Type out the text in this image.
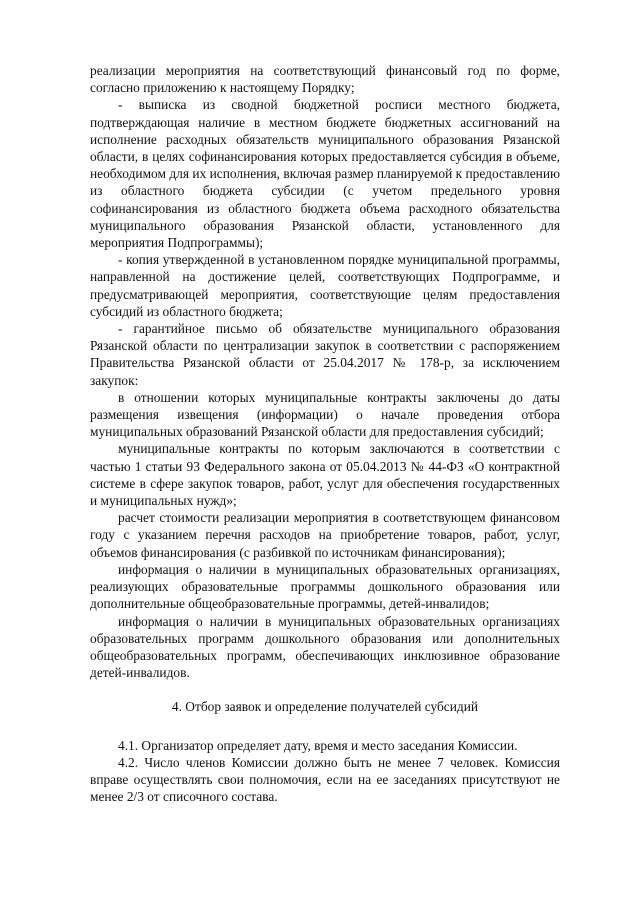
реализации мероприятия на соответствующий финансовый год по форме, согласно приложению к настоящему Порядку;

- выписка из сводной бюджетной росписи местного бюджета, подтверждающая наличие в местном бюджете бюджетных ассигнований на исполнение расходных обязательств муниципального образования Рязанской области, в целях софинансирования которых предоставляется субсидия в объеме, необходимом для их исполнения, включая размер планируемой к предоставлению из областного бюджета субсидии (с учетом предельного уровня софинансирования из областного бюджета объема расходного обязательства муниципального образования Рязанской области, установленного для мероприятия Подпрограммы);

- копия утвержденной в установленном порядке муниципальной программы, направленной на достижение целей, соответствующих Подпрограмме, и предусматривающей мероприятия, соответствующие целям предоставления субсидий из областного бюджета;

- гарантийное письмо об обязательстве муниципального образования Рязанской области по централизации закупок в соответствии с распоряжением Правительства Рязанской области от 25.04.2017 № 178-р, за исключением закупок:

в отношении которых муниципальные контракты заключены до даты размещения извещения (информации) о начале проведения отбора муниципальных образований Рязанской области для предоставления субсидий;

муниципальные контракты по которым заключаются в соответствии с частью 1 статьи 93 Федерального закона от 05.04.2013 № 44-ФЗ «О контрактной системе в сфере закупок товаров, работ, услуг для обеспечения государственных и муниципальных нужд»;

расчет стоимости реализации мероприятия в соответствующем финансовом году с указанием перечня расходов на приобретение товаров, работ, услуг, объемов финансирования (с разбивкой по источникам финансирования);

информация о наличии в муниципальных образовательных организациях, реализующих образовательные программы дошкольного образования или дополнительные общеобразовательные программы, детей-инвалидов;

информация о наличии в муниципальных образовательных организациях образовательных программ дошкольного образования или дополнительных общеобразовательных программ, обеспечивающих инклюзивное образование детей-инвалидов.

4. Отбор заявок и определение получателей субсидий

4.1. Организатор определяет дату, время и место заседания Комиссии.

4.2. Число членов Комиссии должно быть не менее 7 человек. Комиссия вправе осуществлять свои полномочия, если на ее заседаниях присутствуют не менее 2/3 от списочного состава.
